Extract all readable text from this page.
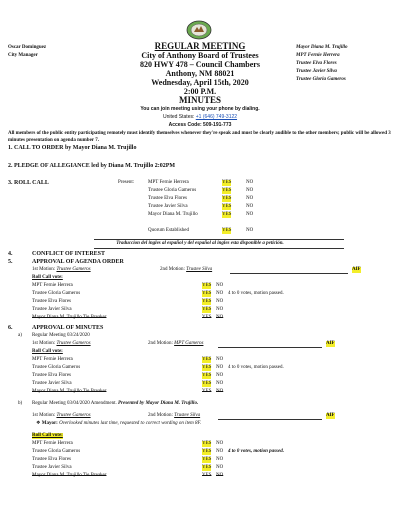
Oscar Dominguez
City Manager
Mayor Diana M. Trujillo
MPT Fernie Herrera
Trustee Elva Flores
Trustee Javier Silva
Trustee Gloria Gameros
REGULAR MEETING
City of Anthony Board of Trustees
820 HWY 478 – Council Chambers
Anthony, NM 88021
Wednesday, April 15th, 2020
2:00 P.M.
MINUTES
You can join meeting using your phone by dialing.
United States: +1 (646) 749-3122
Access Code: 509-191-773
All members of the public entity participating remotely must identify themselves whenever they're speak and must be clearly audible to the other members; public will be allowed 3 minutes presentation on agenda number 7.
1. CALL TO ORDER by Mayor Diana M. Trujillo
2. PLEDGE OF ALLEGIANCE led by Diana M. Trujillo 2:02PM
3. ROLL CALL	Present:	MPT Fernie Herrera	YES	NO
Trustee Gloria Gameros	YES	NO
Trustee Elva Flores	YES	NO
Trustee Javier Silva	YES	NO
Mayor Diana M. Trujillo	YES	NO
Quorum Established	YES	NO
Traduccion del ingles al español y del español al ingles esta disponible a petición.
4.	CONFLICT OF INTEREST
5.	APPROVAL OF AGENDA ORDER
1st Motion: Trustee Gameros	2nd Motion: Trustee Silva	AIF
Roll Call vote:
MPT Fernie Herrera	YES NO
Trustee Gloria Gameros	YES NO 4 to 0 votes, motion passed.
Trustee Elva Flores	YES NO
Trustee Javier Silva	YES NO
Mayor Diana M. Trujillo Tie Breaker	YES NO
6.	APPROVAL OF MINUTES
a) Regular Meeting 03/24/2020
1st Motion: Trustee Gameros	2nd Motion: MPT Gameros	AIF
Roll Call vote:
MPT Fernie Herrera	YES NO
Trustee Gloria Gameros	YES NO 4 to 0 votes, motion passed.
Trustee Elva Flores	YES NO
Trustee Javier Silva	YES NO
Mayor Diana M. Trujillo Tie Breaker	YES NO
b) Regular Meeting 03/04/2020 Amendment. Presented by Mayor Diana M. Trujillo.
1st Motion: Trustee Gameros	2nd Motion: Trustee Silva	AIF
❖ Mayor: Overlooked minutes last time, requested to correct wording on item 8F.
Roll Call vote:
MPT Fernie Herrera	YES NO
Trustee Gloria Gameros	YES NO 4 to 0 votes, motion passed.
Trustee Elva Flores	YES NO
Trustee Javier Silva	YES NO
Mayor Diana M. Trujillo Tie Breaker	YES NO
